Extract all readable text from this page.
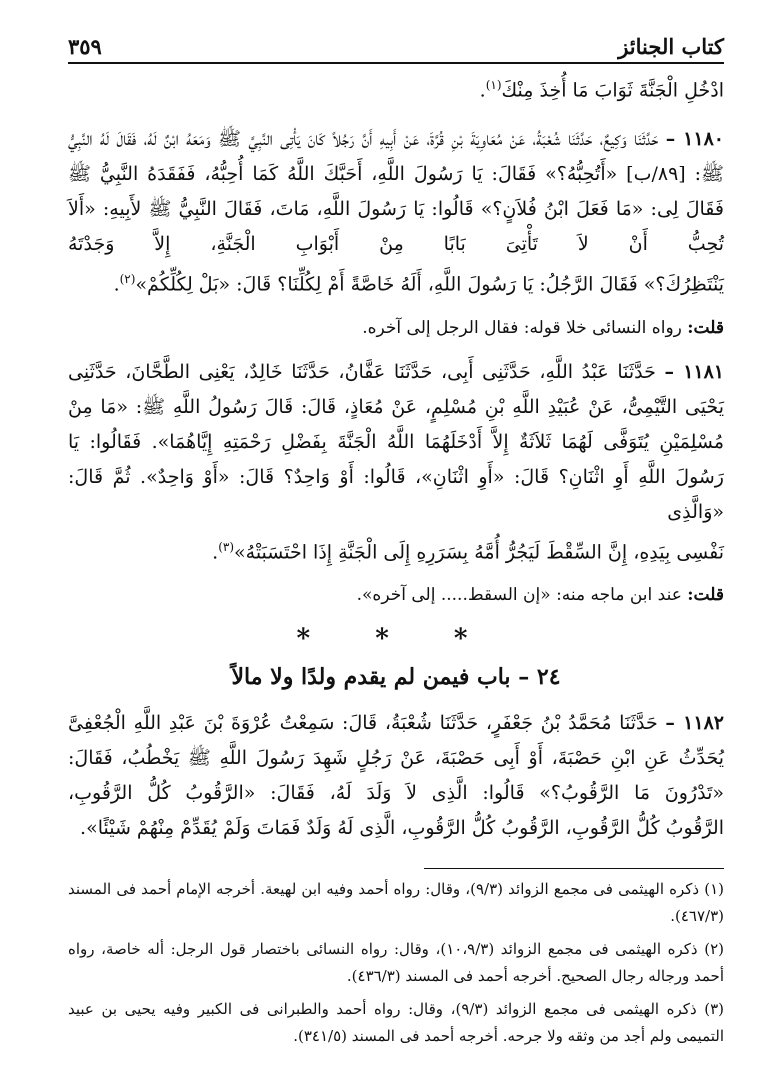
كتاب الجنائز
٣٥٩

ادْخُلِ الْجَنَّةَ ثَوَابَ مَا أُخِذَ مِنْكَ$^{(١)}$.

١١٨٠ – حَدَّثَنَا وَكِيعٌ، حَدَّثَنَا شُعْبَةُ، عَنْ مُعَاوِيَةَ بْنِ قُرَّةَ، عَنْ أَبِيهِ أَنَّ رَجُلاً كَانَ يَأْتِى النَّبِيَّ ﷺ وَمَعَهُ ابْنٌ لَهُ، فَقَالَ لَهُ النَّبِيُّ ﷺ: [٨٩/ب] «أَتُحِبُّهُ؟» فَقَالَ: يَا رَسُولَ اللَّهِ، أَحَبَّكَ اللَّهُ كَمَا أُحِبُّهُ، فَفَقَدَهُ النَّبِيُّ ﷺ فَقَالَ لِى: «مَا فَعَلَ ابْنُ فُلاَنٍ؟» قَالُوا: يَا رَسُولَ اللَّهِ، مَاتَ، فَقَالَ النَّبِيُّ ﷺ لأَبِيهِ: «أَلاَ تُحِبُّ أَنْ لاَ تَأْتِىَ بَابًا مِنْ أَبْوَابِ الْجَنَّةِ، إِلاَّ وَجَدْتَهُ
يَنْتَظِرُكَ؟» فَقَالَ الرَّجُلُ: يَا رَسُولَ اللَّهِ، أَلَهُ خَاصَّةً أَمْ لِكُلِّنَا؟ قَالَ: «بَلْ لِكُلِّكُمْ»$^{(٢)}$.

قلت: رواه النسائى خلا قوله: فقال الرجل إلى آخره.

١١٨١ – حَدَّثَنَا عَبْدُ اللَّهِ، حَدَّثَنِى أَبِى، حَدَّثَنَا عَفَّانُ، حَدَّثَنَا خَالِدٌ، يَعْنِى الطَّحَّانَ، حَدَّثَنِى يَحْيَى التَّيْمِىُّ، عَنْ عُبَيْدِ اللَّهِ بْنِ مُسْلِمٍ، عَنْ مُعَاذٍ، قَالَ: قَالَ رَسُولُ اللَّهِ ﷺ: «مَا مِنْ مُسْلِمَيْنِ يُتَوَفَّى لَهُمَا ثَلاَثَةٌ إِلاَّ أَدْخَلَهُمَا اللَّهُ الْجَنَّةَ بِفَضْلِ رَحْمَتِهِ إِيَّاهُمَا». فَقَالُوا: يَا رَسُولَ اللَّهِ أَوِ اثْنَانِ؟ قَالَ: «أَوِ اثْنَانِ»، قَالُوا: أَوْ وَاحِدٌ؟ قَالَ: «أَوْ وَاحِدٌ». ثُمَّ قَالَ: «وَالَّذِى
نَفْسِى بِيَدِهِ، إِنَّ السِّقْطَ لَيَجُرُّ أُمَّهُ بِسَرَرِهِ إِلَى الْجَنَّةِ إِذَا احْتَسَبَتْهُ»$^{(٣)}$.

قلت: عند ابن ماجه منه: «إن السقط..... إلى آخره».

* * *
٢٤ – باب فيمن لم يقدم ولدًا ولا مالاً

١١٨٢ – حَدَّثَنَا مُحَمَّدُ بْنُ جَعْفَرٍ، حَدَّثَنَا شُعْبَةُ، قَالَ: سَمِعْتُ عُرْوَةَ بْنَ عَبْدِ اللَّهِ الْجُعْفِىَّ يُحَدِّثُ عَنِ ابْنِ حَصْبَةَ، أَوْ أَبِى حَصْبَةَ، عَنْ رَجُلٍ شَهِدَ رَسُولَ اللَّهِ ﷺ يَخْطُبُ، فَقَالَ: «تَدْرُونَ مَا الرَّقُوبُ؟» قَالُوا: الَّذِى لاَ وَلَدَ لَهُ، فَقَالَ: «الرَّقُوبُ كُلُّ الرَّقُوبِ،
الرَّقُوبُ كُلُّ الرَّقُوبِ، الرَّقُوبُ كُلُّ الرَّقُوبِ، الَّذِى لَهُ وَلَدٌ فَمَاتَ وَلَمْ يُقَدِّمْ مِنْهُمْ شَيْئًا».

(١) ذكره الهيثمى فى مجمع الزوائد (٩/٣)، وقال: رواه أحمد وفيه ابن لهيعة. أخرجه الإمام أحمد فى المسند (٤٦٧/٣).

(٢) ذكره الهيثمى فى مجمع الزوائد (١٠،٩/٣)، وقال: رواه النسائى باختصار قول الرجل: أله خاصة، رواه أحمد ورجاله رجال الصحيح. أخرجه أحمد فى المسند (٤٣٦/٣).

(٣) ذكره الهيثمى فى مجمع الزوائد (٩/٣)، وقال: رواه أحمد والطبرانى فى الكبير وفيه يحيى بن عبيد التميمى ولم أجد من وثقه ولا جرحه. أخرجه أحمد فى المسند (٣٤١/٥).
